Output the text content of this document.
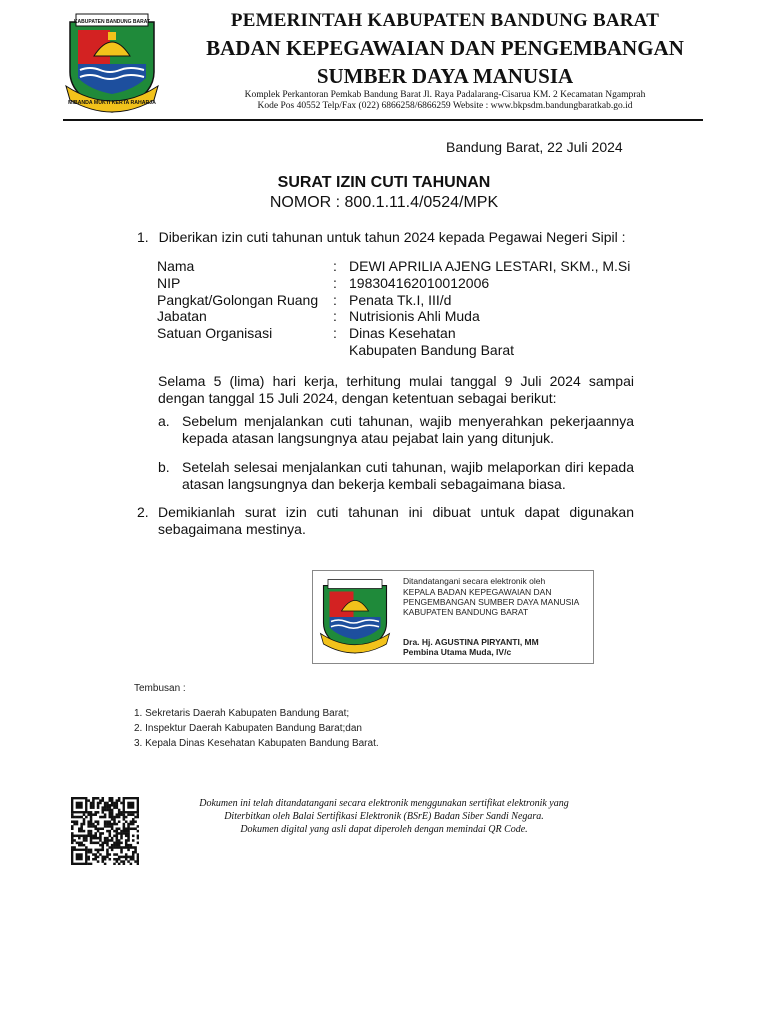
KABUPATEN BANDUNG BARAT
MIBANDA MUKTI KERTA RAHARJA
PEMERINTAH KABUPATEN BANDUNG BARAT
BADAN KEPEGAWAIAN DAN PENGEMBANGAN
SUMBER DAYA MANUSIA
Komplek Perkantoran Pemkab Bandung Barat Jl. Raya Padalarang-Cisarua KM. 2 Kecamatan Ngamprah
Kode Pos 40552 Telp/Fax (022) 6866258/6866259 Website : www.bkpsdm.bandungbaratkab.go.id
Bandung Barat, 22 Juli 2024
SURAT IZIN CUTI TAHUNAN
NOMOR : 800.1.11.4/0524/MPK
1. Diberikan izin cuti tahunan untuk tahun 2024 kepada Pegawai Negeri Sipil :
Nama	: DEWI APRILIA AJENG LESTARI, SKM., M.Si
NIP	: 198304162010012006
Pangkat/Golongan Ruang : Penata Tk.I, III/d
Jabatan	: Nutrisionis Ahli Muda
Satuan Organisasi	: Dinas Kesehatan
Kabupaten Bandung Barat
Selama 5 (lima) hari kerja, terhitung mulai tanggal 9 Juli 2024 sampai dengan tanggal 15 Juli 2024, dengan ketentuan sebagai berikut:
a. Sebelum menjalankan cuti tahunan, wajib menyerahkan pekerjaannya kepada atasan langsungnya atau pejabat lain yang ditunjuk.
b. Setelah selesai menjalankan cuti tahunan, wajib melaporkan diri kepada atasan langsungnya dan bekerja kembali sebagaimana biasa.
2. Demikianlah surat izin cuti tahunan ini dibuat untuk dapat digunakan sebagaimana mestinya.
Ditandatangani secara elektronik oleh
KEPALA BADAN KEPEGAWAIAN DAN
PENGEMBANGAN SUMBER DAYA MANUSIA
KABUPATEN BANDUNG BARAT
Dra. Hj. AGUSTINA PIRYANTI, MM
Pembina Utama Muda, IV/c
Tembusan :
1. Sekretaris Daerah Kabupaten Bandung Barat;
2. Inspektur Daerah Kabupaten Bandung Barat;dan
3. Kepala Dinas Kesehatan Kabupaten Bandung Barat.
Dokumen ini telah ditandatangani secara elektronik menggunakan sertifikat elektronik yang
Diterbitkan oleh Balai Sertifikasi Elektronik (BSrE) Badan Siber Sandi Negara.
Dokumen digital yang asli dapat diperoleh dengan memindai QR Code.
